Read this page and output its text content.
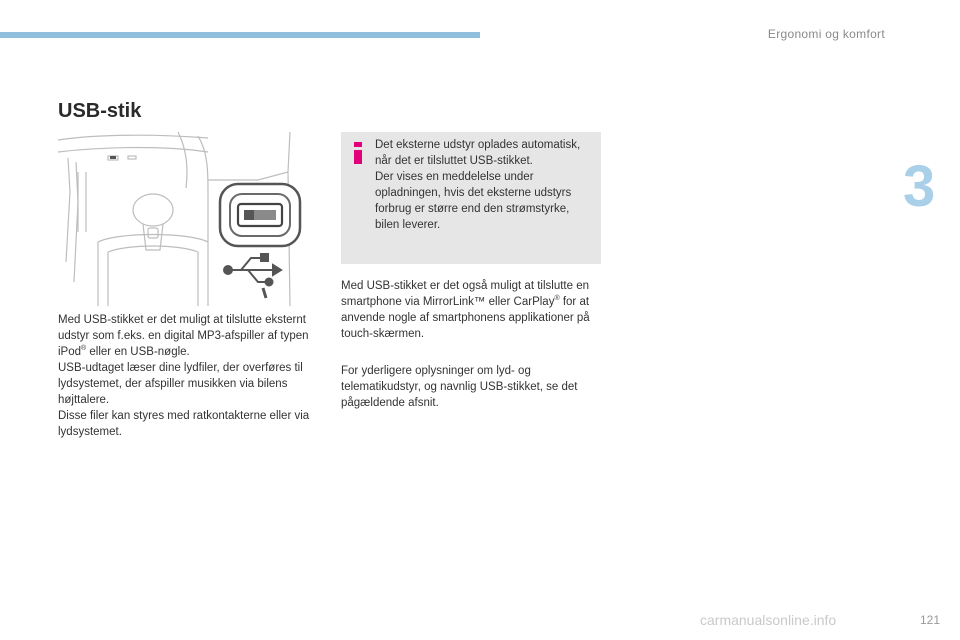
Ergonomi og komfort
3
USB-stik

Det eksterne udstyr oplades automatisk, når det er tilsluttet USB-stikket.

Der vises en meddelelse under opladningen, hvis det eksterne udstyrs forbrug er større end den strømstyrke, bilen leverer.

Med USB-stikket er det muligt at tilslutte eksternt udstyr som f.eks. en digital MP3-afspiller af typen iPod® eller en USB-nøgle.

USB-udtaget læser dine lydfiler, der overføres til lydsystemet, der afspiller musikken via bilens højttalere.

Disse filer kan styres med ratkontakterne eller via lydsystemet.

Med USB-stikket er det også muligt at tilslutte en smartphone via MirrorLink™ eller CarPlay® for at anvende nogle af smartphonens applikationer på touch-skærmen.

For yderligere oplysninger om lyd- og telematikudstyr, og navnlig USB-stikket, se det pågældende afsnit.

carmanualsonline.info	121
